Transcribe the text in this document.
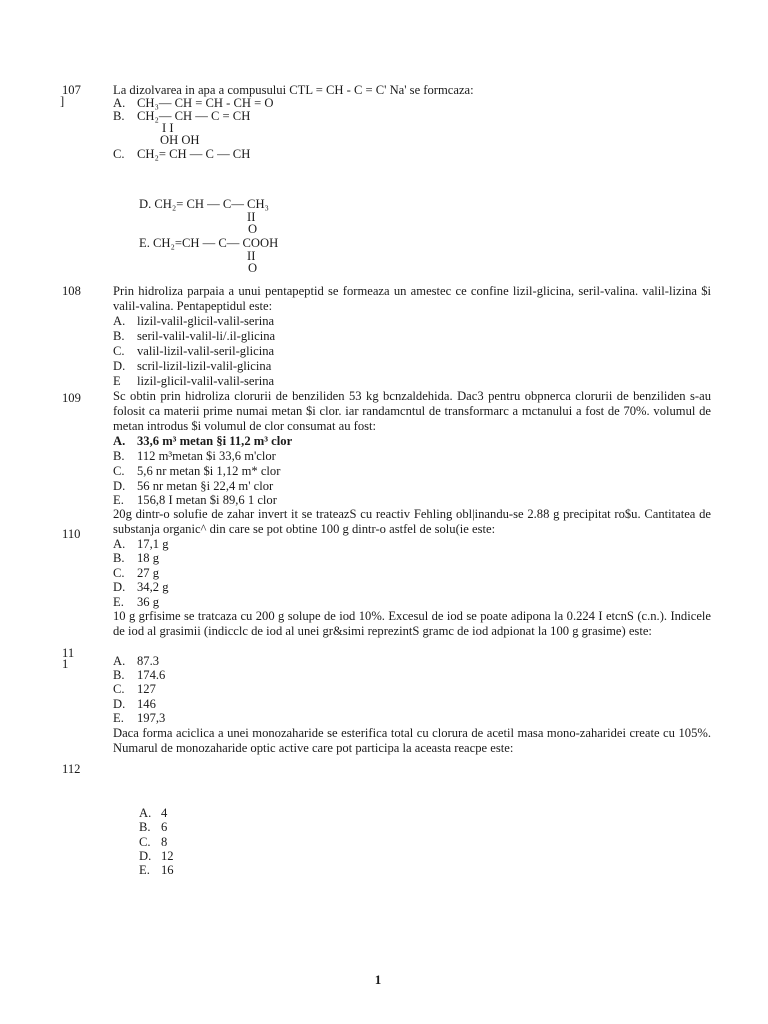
107
]
La dizolvarea in apa a compusului CTL = CH - C = C' Na' se formcaza:
A. CH₃— CH = CH - CH = O
B. CH₂— CH — C = CH
I I
OH OH
C. CH₂= CH — C — CH
D. CH₂= CH — C— CH₃
II
O
E. CH₂=CH — C— COOH
II
O
108	Prin hidroliza parpaia a unui pentapeptid se formeaza un amestec ce confine lizil-glicina, seril-valina. valil-lizina $i valil-valina. Pentapeptidul este:
A. lizil-valil-glicil-valil-serina
B. seril-valil-valil-li/.il-glicina
C. valil-lizil-valil-seril-glicina
D. scril-lizil-lizil-valil-glicina
E lizil-glicil-valil-valil-serina
109	Sc obtin prin hidroliza clorurii de benziliden 53 kg bcnzaldehida. Dac3 pentru obpnerca clorurii de benziliden s-au folosit ca materii prime numai metan $i clor. iar randamcntul de transformarc a mctanului a fost de 70%. volumul de metan introdus $i volumul de clor consumat au fost:
A. 33,6 m³ metan §i 11,2 m³ clor
B. 112 m³metan $i 33,6 m'clor
C. 5,6 nr metan $i 1,12 m* clor
D. 56 nr metan §i 22,4 m' clor
E. 156,8 I metan $i 89,6 1 clor
110
20g dintr-o solufie de zahar invert it se trateazS cu reactiv Fehling obl|inandu-se 2.88 g precipitat ro$u. Cantitatea de substanja organic^ din care se pot obtine 100 g dintr-o astfel de solu(ie este:
A. 17,1 g
B. 18 g
C. 27 g
D. 34,2 g
E. 36 g
11
1
10 g grfisime se tratcaza cu 200 g solupe de iod 10%. Excesul de iod se poate adipona la 0.224 I etcnS (c.n.). Indicele de iod al grasimii (indicclc de iod al unei gr&simi reprezintS gramc de iod adpionat la 100 g grasime) este:
A. 87.3
B. 174.6
C. 127
D. 146
E. 197,3
112
Daca forma aciclica a unei monozaharide se esterifica total cu clorura de acetil masa mono-zaharidei create cu 105%. Numarul de monozaharide optic active care pot participa la aceasta reacpe este:
A. 4
B. 6
C. 8
D. 12
E. 16
1
